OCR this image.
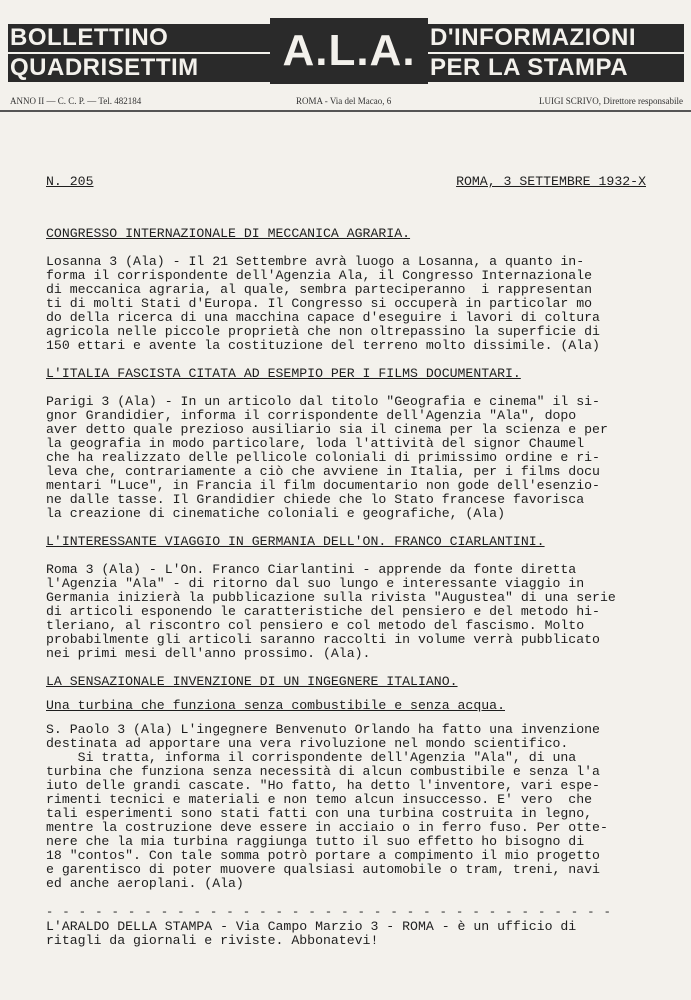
BOLLETTINO
QUADRISETTIM	A.L.A. D'INFORMAZIONI
PER LA STAMPA
ANNO II — C. C. P. — Tel. 482184	ROMA - Via del Macao, 6	LUIGI SCRIVO, Direttore responsabile
N. 205	ROMA, 3 SETTEMBRE 1932-X
CONGRESSO INTERNAZIONALE DI MECCANICA AGRARIA.

Losanna 3 (Ala) - Il 21 Settembre avrà luogo a Losanna, a quanto in-
forma il corrispondente dell'Agenzia Ala, il Congresso Internazionale
di meccanica agraria, al quale, sembra parteciperanno  i rappresentan
ti di molti Stati d'Europa. Il Congresso si occuperà in particolar mo
do della ricerca di una macchina capace d'eseguire i lavori di coltura
agricola nelle piccole proprietà che non oltrepassino la superficie di
150 ettari e avente la costituzione del terreno molto dissimile. (Ala)

L'ITALIA FASCISTA CITATA AD ESEMPIO PER I FILMS DOCUMENTARI.

Parigi 3 (Ala) - In un articolo dal titolo "Geografia e cinema" il si-
gnor Grandidier, informa il corrispondente dell'Agenzia "Ala", dopo
aver detto quale prezioso ausiliario sia il cinema per la scienza e per
la geografia in modo particolare, loda l'attività del signor Chaumel
che ha realizzato delle pellicole coloniali di primissimo ordine e ri-
leva che, contrariamente a ciò che avviene in Italia, per i films docu
mentari "Luce", in Francia il film documentario non gode dell'esenzio-
ne dalle tasse. Il Grandidier chiede che lo Stato francese favorisca
la creazione di cinematiche coloniali e geografiche, (Ala)

L'INTERESSANTE VIAGGIO IN GERMANIA DELL'ON. FRANCO CIARLANTINI.

Roma 3 (Ala) - L'On. Franco Ciarlantini - apprende da fonte diretta
l'Agenzia "Ala" - di ritorno dal suo lungo e interessante viaggio in
Germania inizierà la pubblicazione sulla rivista "Augustea" di una serie
di articoli esponendo le caratteristiche del pensiero e del metodo hi-
tleriano, al riscontro col pensiero e col metodo del fascismo. Molto
probabilmente gli articoli saranno raccolti in volume verrà pubblicato
nei primi mesi dell'anno prossimo. (Ala).

LA SENSAZIONALE INVENZIONE DI UN INGEGNERE ITALIANO.
Una turbina che funziona senza combustibile e senza acqua.

S. Paolo 3 (Ala) L'ingegnere Benvenuto Orlando ha fatto una invenzione
destinata ad apportare una vera rivoluzione nel mondo scientifico.
Si tratta, informa il corrispondente dell'Agenzia "Ala", di una
turbina che funziona senza necessità di alcun combustibile e senza l'a
iuto delle grandi cascate. "Ho fatto, ha detto l'inventore, vari espe-
rimenti tecnici e materiali e non temo alcun insuccesso. E' vero  che
tali esperimenti sono stati fatti con una turbina costruita in legno,
mentre la costruzione deve essere in acciaio o in ferro fuso. Per otte-
nere che la mia turbina raggiunga tutto il suo effetto ho bisogno di
18 "contos". Con tale somma potrò portare a compimento il mio progetto
e garentisco di poter muovere qualsiasi automobile o tram, treni, navi
ed anche aeroplani. (Ala)

- - - - - - - - - - - - - - - - - - - - - - - - - - - - - - - - - - -
L'ARALDO DELLA STAMPA - Via Campo Marzio 3 - ROMA - è un ufficio di
ritagli da giornali e riviste. Abbonatevi!
